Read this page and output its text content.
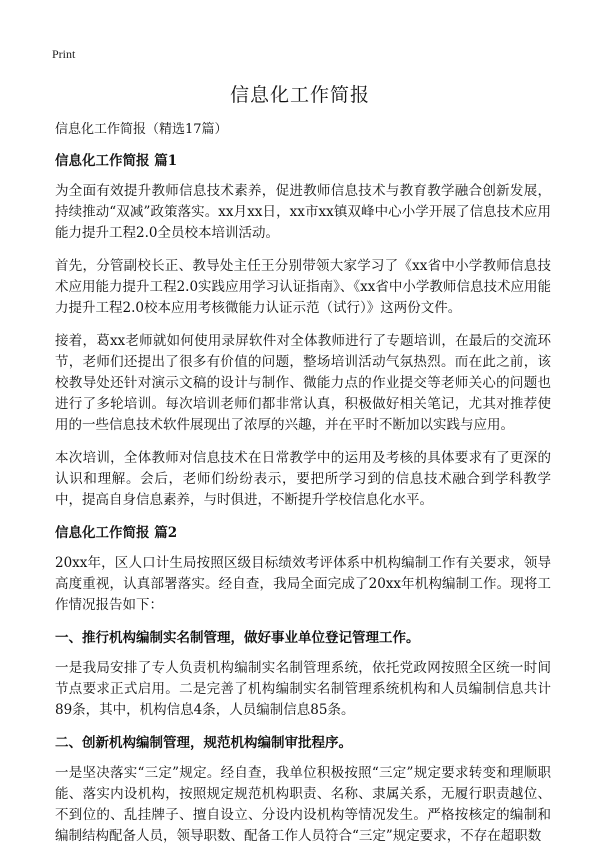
Print
信息化工作简报

信息化工作简报（精选17篇）

信息化工作简报 篇1

为全面有效提升教师信息技术素养，促进教师信息技术与教育教学融合创新发展，持续推动“双减”政策落实。xx月xx日，xx市xx镇双峰中心小学开展了信息技术应用能力提升工程2.0全员校本培训活动。

首先，分管副校长正、教导处主任王分别带领大家学习了《xx省中小学教师信息技术应用能力提升工程2.0实践应用学习认证指南》、《xx省中小学教师信息技术应用能力提升工程2.0校本应用考核微能力认证示范（试行）》这两份文件。

接着，葛xx老师就如何使用录屏软件对全体教师进行了专题培训，在最后的交流环节，老师们还提出了很多有价值的问题，整场培训活动气氛热烈。而在此之前，该校教导处还针对演示文稿的设计与制作、微能力点的作业提交等老师关心的问题也进行了多轮培训。每次培训老师们都非常认真，积极做好相关笔记，尤其对推荐使用的一些信息技术软件展现出了浓厚的兴趣，并在平时不断加以实践与应用。

本次培训，全体教师对信息技术在日常教学中的运用及考核的具体要求有了更深的认识和理解。会后，老师们纷纷表示，要把所学习到的信息技术融合到学科教学中，提高自身信息素养，与时俱进，不断提升学校信息化水平。

信息化工作简报 篇2

20xx年，区人口计生局按照区级目标绩效考评体系中机构编制工作有关要求，领导高度重视，认真部署落实。经自查，我局全面完成了20xx年机构编制工作。现将工作情况报告如下：

一、推行机构编制实名制管理，做好事业单位登记管理工作。

一是我局安排了专人负责机构编制实名制管理系统，依托党政网按照全区统一时间节点要求正式启用。二是完善了机构编制实名制管理系统机构和人员编制信息共计89条，其中，机构信息4条，人员编制信息85条。

二、创新机构编制管理，规范机构编制审批程序。

一是坚决落实“三定”规定。经自查，我单位积极按照“三定”规定要求转变和理顺职能、落实内设机构，按照规定规范机构职责、名称、隶属关系，无履行职责越位、不到位的、乱挂牌子、擅自设立、分设内设机构等情况发生。严格按核定的编制和编制结构配备人员，领导职数、配备工作人员符合“三定”规定要求，不存在超职数
